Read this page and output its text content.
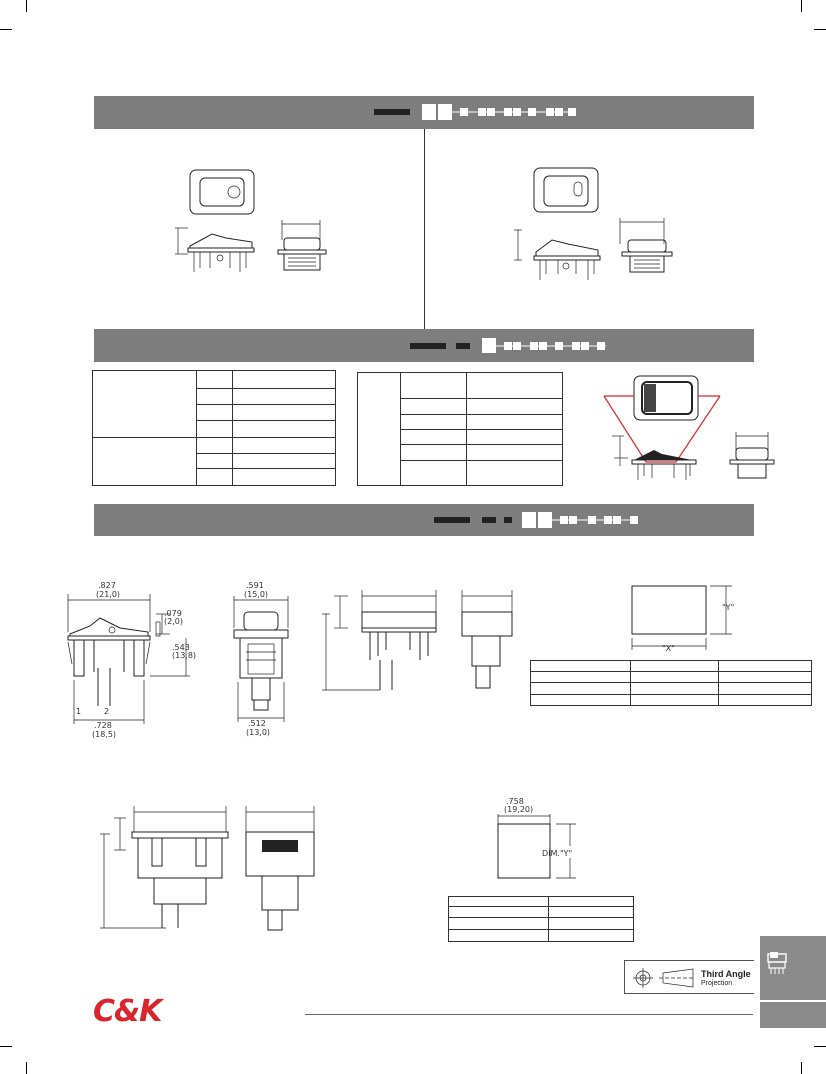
.827
(21,0)
.079
(2,0)
.543
(13,8)
1	2
.728
(18,5)
.591
(15,0)
.512
(13,0)
"Y"
"X"
.758
(19,20)
DIM."Y"
Third Angle
Projection
C&K
